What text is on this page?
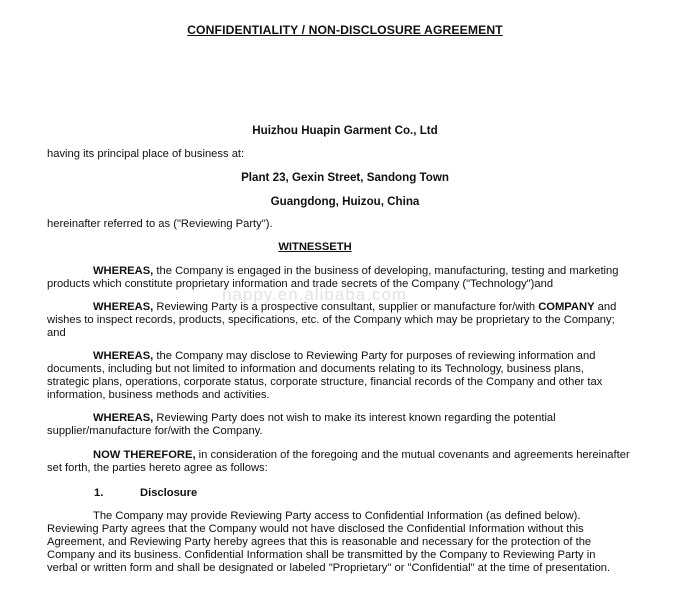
CONFIDENTIALITY / NON-DISCLOSURE AGREEMENT
Huizhou Huapin Garment Co., Ltd
having its principal place of business at:
Plant 23, Gexin Street, Sandong Town
Guangdong, Huizou, China
hereinafter referred to as ("Reviewing Party").
WITNESSETH
WHEREAS, the Company is engaged in the business of developing, manufacturing, testing and marketing
products which constitute proprietary information and trade secrets of the Company ("Technology")and
WHEREAS, Reviewing Party is a prospective consultant, supplier or manufacture for/with COMPANY and
wishes to inspect records, products, specifications, etc. of the Company which may be proprietary to the Company;
and
WHEREAS, the Company may disclose to Reviewing Party for purposes of reviewing information and
documents, including but not limited to information and documents relating to its Technology, business plans,
strategic plans, operations, corporate status, corporate structure, financial records of the Company and other tax
information, business methods and activities.
WHEREAS, Reviewing Party does not wish to make its interest known regarding the potential
supplier/manufacture for/with the Company.
NOW THEREFORE, in consideration of the foregoing and the mutual covenants and agreements hereinafter
set forth, the parties hereto agree as follows:
1.	Disclosure
The Company may provide Reviewing Party access to Confidential Information (as defined below).
Reviewing Party agrees that the Company would not have disclosed the Confidential Information without this
Agreement, and Reviewing Party hereby agrees that this is reasonable and necessary for the protection of the
Company and its business. Confidential Information shall be transmitted by the Company to Reviewing Party in
verbal or written form and shall be designated or labeled "Proprietary" or "Confidential" at the time of presentation.
nappy.en.alibaba.com
